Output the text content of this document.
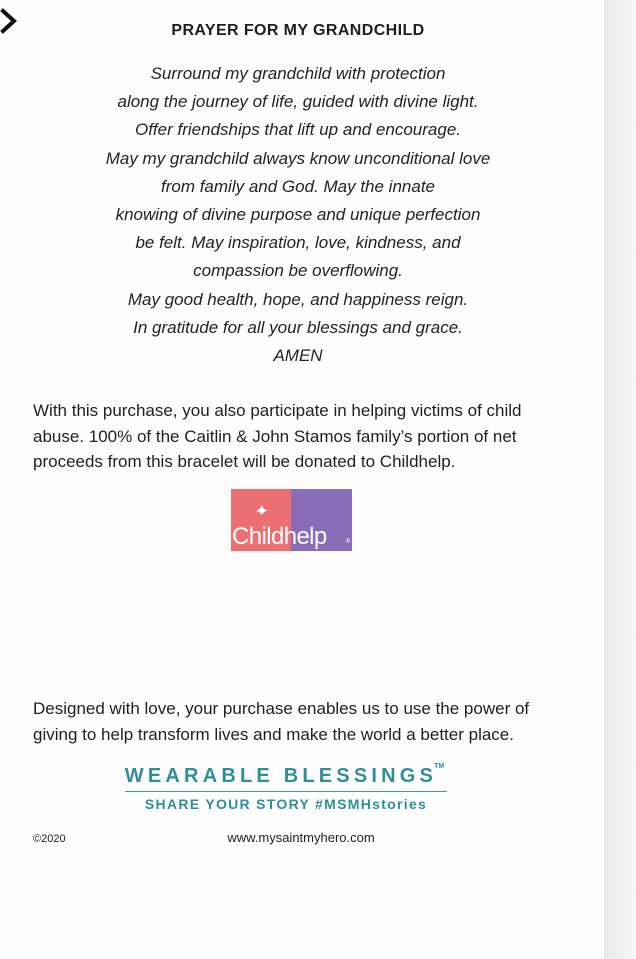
PRAYER FOR MY GRANDCHILD
Surround my grandchild with protection
along the journey of life, guided with divine light.
Offer friendships that lift up and encourage.
May my grandchild always know unconditional love
from family and God. May the innate
knowing of divine purpose and unique perfection
be felt. May inspiration, love, kindness, and
compassion be overflowing.
May good health, hope, and happiness reign.
In gratitude for all your blessings and grace.
AMEN
With this purchase, you also participate in helping victims of child
abuse. 100% of the Caitlin & John Stamos family’s portion of net
proceeds from this bracelet will be donated to Childhelp.
Childhelp	®
Designed with love, your purchase enables us to use the power of
giving to help transform lives and make the world a better place.
WEARABLE BLESSINGS™
SHARE YOUR STORY #MSMHstories
©2020	www.mysaintmyhero.com
